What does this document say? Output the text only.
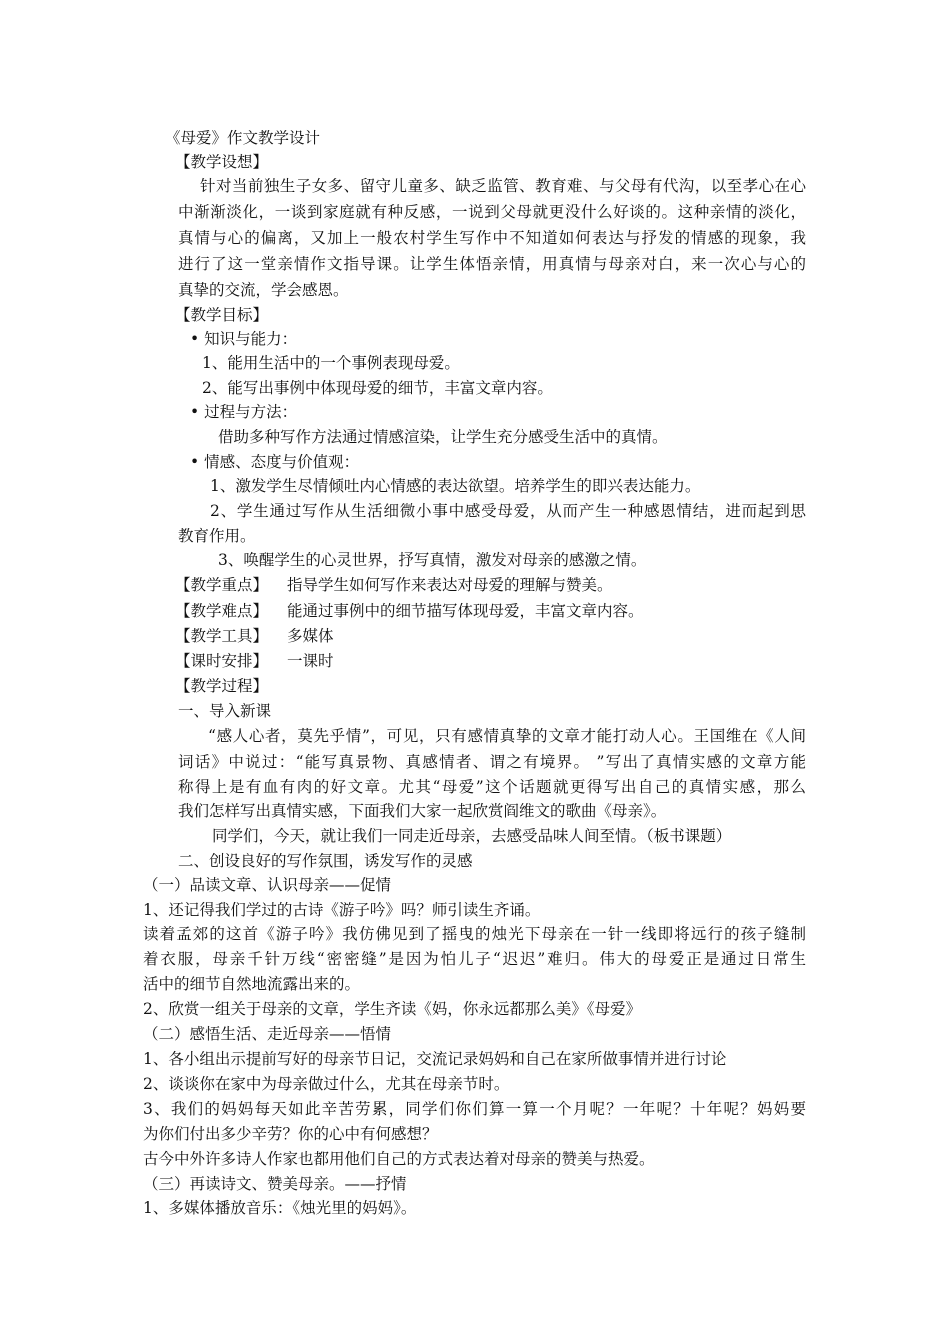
《母爱》作文教学设计
【教学设想】
针对当前独生子女多、留守儿童多、缺乏监管、教育难、与父母有代沟，以至孝心在心
中渐渐淡化，一谈到家庭就有种反感，一说到父母就更没什么好谈的。这种亲情的淡化，
真情与心的偏离，又加上一般农村学生写作中不知道如何表达与抒发的情感的现象，我
进行了这一堂亲情作文指导课。让学生体悟亲情，用真情与母亲对白，来一次心与心的
真挚的交流，学会感恩。
【教学目标】
• 知识与能力：
1、能用生活中的一个事例表现母爱。
2、能写出事例中体现母爱的细节，丰富文章内容。
• 过程与方法：
借助多种写作方法通过情感渲染，让学生充分感受生活中的真情。
• 情感、态度与价值观：
1、激发学生尽情倾吐内心情感的表达欲望。培养学生的即兴表达能力。
2、学生通过写作从生活细微小事中感受母爱，从而产生一种感恩情结，进而起到思
教育作用。
3、唤醒学生的心灵世界，抒写真情，激发对母亲的感激之情。
【教学重点】 指导学生如何写作来表达对母爱的理解与赞美。
【教学难点】 能通过事例中的细节描写体现母爱，丰富文章内容。
【教学工具】 多媒体
【课时安排】 一课时
【教学过程】
一、导入新课
“感人心者，莫先乎情”，可见，只有感情真挚的文章才能打动人心。王国维在《人间
词话》中说过：“能写真景物、真感情者、谓之有境界。 ”写出了真情实感的文章方能
称得上是有血有肉的好文章。尤其“母爱”这个话题就更得写出自己的真情实感，那么
我们怎样写出真情实感，下面我们大家一起欣赏阎维文的歌曲《母亲》。
同学们，今天，就让我们一同走近母亲，去感受品味人间至情。（板书课题）
二、创设良好的写作氛围，诱发写作的灵感
（一）品读文章、认识母亲——促情
1、还记得我们学过的古诗《游子吟》吗？师引读生齐诵。
读着孟郊的这首《游子吟》我仿佛见到了摇曳的烛光下母亲在一针一线即将远行的孩子缝制
着衣服，母亲千针万线“密密缝”是因为怕儿子“迟迟”难归。伟大的母爱正是通过日常生
活中的细节自然地流露出来的。
2、欣赏一组关于母亲的文章，学生齐读《妈，你永远都那么美》《母爱》
（二）感悟生活、走近母亲——悟情
1、各小组出示提前写好的母亲节日记，交流记录妈妈和自己在家所做事情并进行讨论
2、谈谈你在家中为母亲做过什么，尤其在母亲节时。
3、我们的妈妈每天如此辛苦劳累，同学们你们算一算一个月呢？一年呢？十年呢？妈妈要
为你们付出多少辛劳？你的心中有何感想？
古今中外许多诗人作家也都用他们自己的方式表达着对母亲的赞美与热爱。
（三）再读诗文、赞美母亲。——抒情
1、多媒体播放音乐：《烛光里的妈妈》。
